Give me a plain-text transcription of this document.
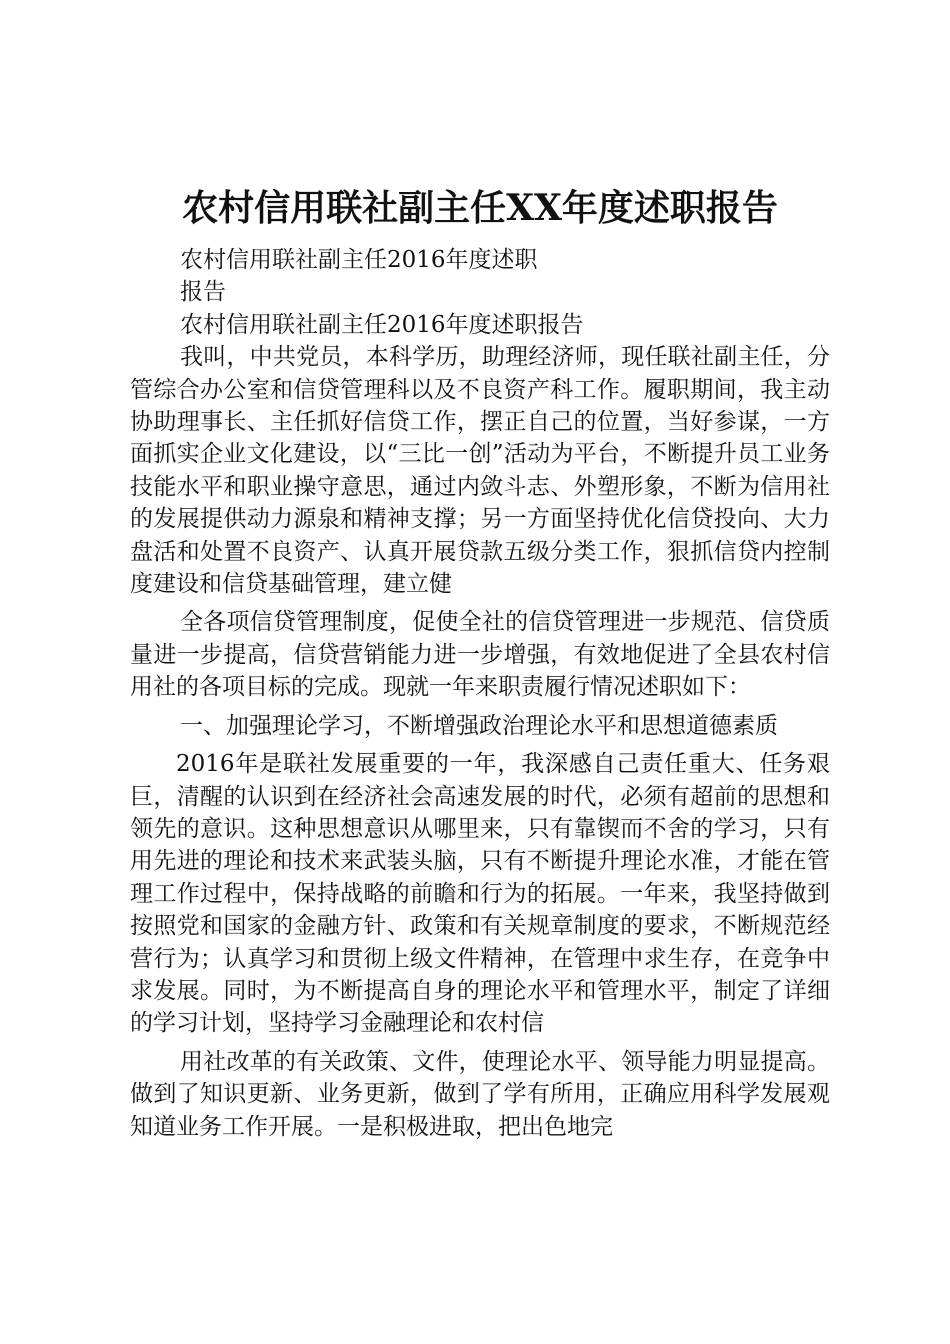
农村信用联社副主任XX年度述职报告

农村信用联社副主任2016年度述职

报告

农村信用联社副主任2016年度述职报告

我叫，中共党员，本科学历，助理经济师，现任联社副主任，分管综合办公室和信贷管理科以及不良资产科工作。履职期间，我主动协助理事长、主任抓好信贷工作，摆正自己的位置，当好参谋，一方面抓实企业文化建设，以“三比一创”活动为平台，不断提升员工业务技能水平和职业操守意思，通过内敛斗志、外塑形象，不断为信用社的发展提供动力源泉和精神支撑；另一方面坚持优化信贷投向、大力盘活和处置不良资产、认真开展贷款五级分类工作，狠抓信贷内控制度建设和信贷基础管理，建立健

全各项信贷管理制度，促使全社的信贷管理进一步规范、信贷质量进一步提高，信贷营销能力进一步增强，有效地促进了全县农村信用社的各项目标的完成。现就一年来职责履行情况述职如下：

一、加强理论学习，不断增强政治理论水平和思想道德素质

2016年是联社发展重要的一年，我深感自己责任重大、任务艰巨，清醒的认识到在经济社会高速发展的时代，必须有超前的思想和领先的意识。这种思想意识从哪里来，只有靠锲而不舍的学习，只有用先进的理论和技术来武装头脑，只有不断提升理论水准，才能在管理工作过程中，保持战略的前瞻和行为的拓展。一年来，我坚持做到按照党和国家的金融方针、政策和有关规章制度的要求，不断规范经营行为；认真学习和贯彻上级文件精神，在管理中求生存，在竞争中求发展。同时，为不断提高自身的理论水平和管理水平，制定了详细的学习计划，坚持学习金融理论和农村信

用社改革的有关政策、文件，使理论水平、领导能力明显提高。做到了知识更新、业务更新，做到了学有所用，正确应用科学发展观知道业务工作开展。一是积极进取，把出色地完
